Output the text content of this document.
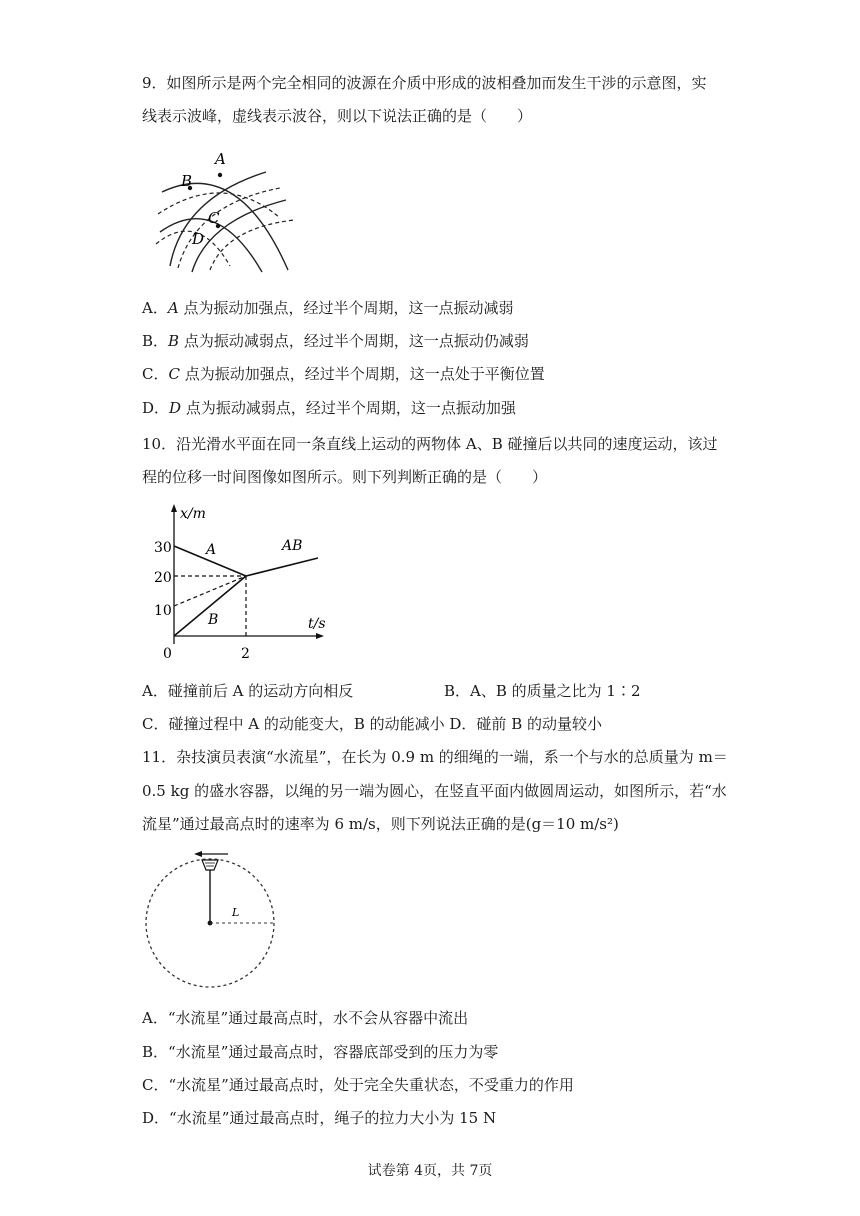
9．如图所示是两个完全相同的波源在介质中形成的波相叠加而发生干涉的示意图，实
线表示波峰，虚线表示波谷，则以下说法正确的是（　　）
A
B
C
D
A．A 点为振动加强点，经过半个周期，这一点振动减弱
B．B 点为振动减弱点，经过半个周期，这一点振动仍减弱
C．C 点为振动加强点，经过半个周期，这一点处于平衡位置
D．D 点为振动减弱点，经过半个周期，这一点振动加强
10．沿光滑水平面在同一条直线上运动的两物体 A、B 碰撞后以共同的速度运动，该过
程的位移一时间图像如图所示。则下列判断正确的是（　　）
x/m
t/s
0
30
20
10
2
A
B
AB
A．碰撞前后 A 的运动方向相反	B．A、B 的质量之比为 1∶2
C．碰撞过程中 A 的动能变大，B 的动能减小 D．碰前 B 的动量较小
11．杂技演员表演“水流星”，在长为 0.9 m 的细绳的一端，系一个与水的总质量为 m＝
0.5 kg 的盛水容器，以绳的另一端为圆心，在竖直平面内做圆周运动，如图所示，若“水
流星”通过最高点时的速率为 6 m/s，则下列说法正确的是(g＝10 m/s²)
L
A．“水流星”通过最高点时，水不会从容器中流出
B．“水流星”通过最高点时，容器底部受到的压力为零
C．“水流星”通过最高点时，处于完全失重状态，不受重力的作用
D．“水流星”通过最高点时，绳子的拉力大小为 15 N
试卷第 4页，共 7页
